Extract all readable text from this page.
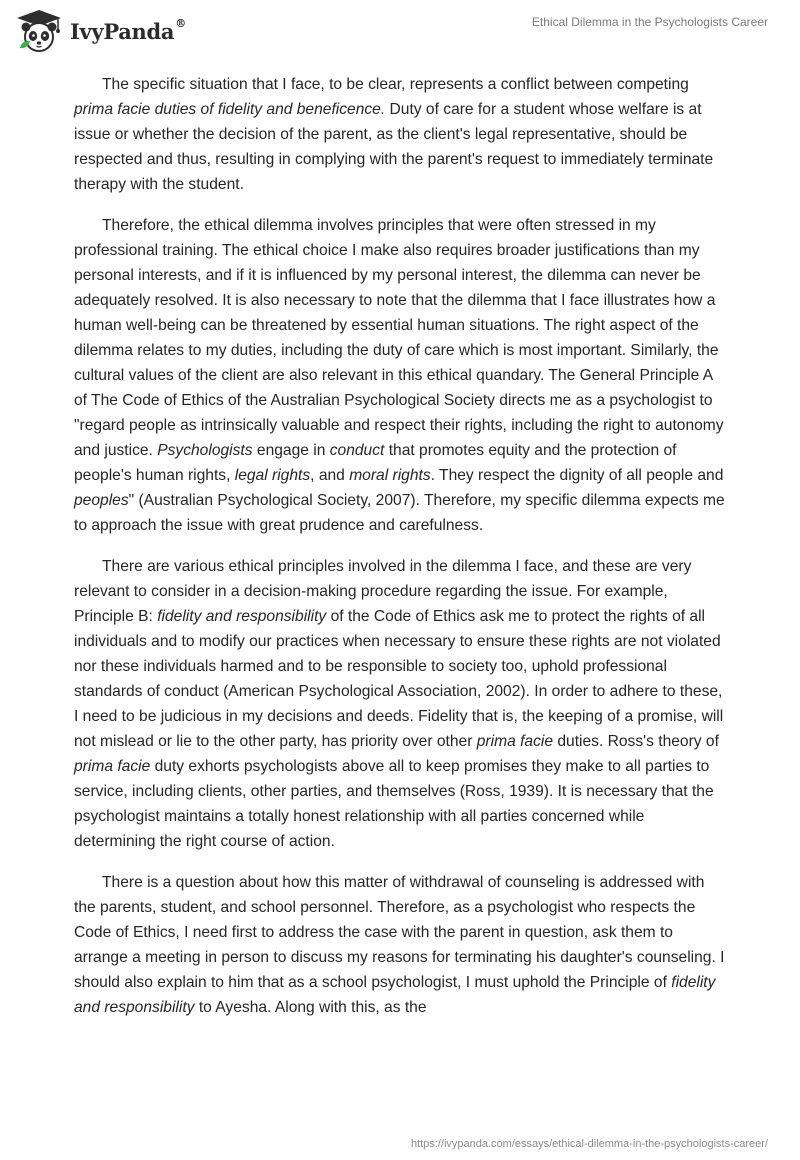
IvyPanda®	Ethical Dilemma in the Psychologists Career

The specific situation that I face, to be clear, represents a conflict between competing prima facie duties of fidelity and beneficence. Duty of care for a student whose welfare is at issue or whether the decision of the parent, as the client's legal representative, should be respected and thus, resulting in complying with the parent's request to immediately terminate therapy with the student.

Therefore, the ethical dilemma involves principles that were often stressed in my professional training. The ethical choice I make also requires broader justifications than my personal interests, and if it is influenced by my personal interest, the dilemma can never be adequately resolved. It is also necessary to note that the dilemma that I face illustrates how a human well-being can be threatened by essential human situations. The right aspect of the dilemma relates to my duties, including the duty of care which is most important. Similarly, the cultural values of the client are also relevant in this ethical quandary. The General Principle A of The Code of Ethics of the Australian Psychological Society directs me as a psychologist to "regard people as intrinsically valuable and respect their rights, including the right to autonomy and justice. Psychologists engage in conduct that promotes equity and the protection of people's human rights, legal rights, and moral rights. They respect the dignity of all people and peoples" (Australian Psychological Society, 2007). Therefore, my specific dilemma expects me to approach the issue with great prudence and carefulness.

There are various ethical principles involved in the dilemma I face, and these are very relevant to consider in a decision-making procedure regarding the issue. For example, Principle B: fidelity and responsibility of the Code of Ethics ask me to protect the rights of all individuals and to modify our practices when necessary to ensure these rights are not violated nor these individuals harmed and to be responsible to society too, uphold professional standards of conduct (American Psychological Association, 2002). In order to adhere to these, I need to be judicious in my decisions and deeds. Fidelity that is, the keeping of a promise, will not mislead or lie to the other party, has priority over other prima facie duties. Ross's theory of prima facie duty exhorts psychologists above all to keep promises they make to all parties to service, including clients, other parties, and themselves (Ross, 1939). It is necessary that the psychologist maintains a totally honest relationship with all parties concerned while determining the right course of action.

There is a question about how this matter of withdrawal of counseling is addressed with the parents, student, and school personnel. Therefore, as a psychologist who respects the Code of Ethics, I need first to address the case with the parent in question, ask them to arrange a meeting in person to discuss my reasons for terminating his daughter's counseling. I should also explain to him that as a school psychologist, I must uphold the Principle of fidelity and responsibility to Ayesha. Along with this, as the

https://ivypanda.com/essays/ethical-dilemma-in-the-psychologists-career/
